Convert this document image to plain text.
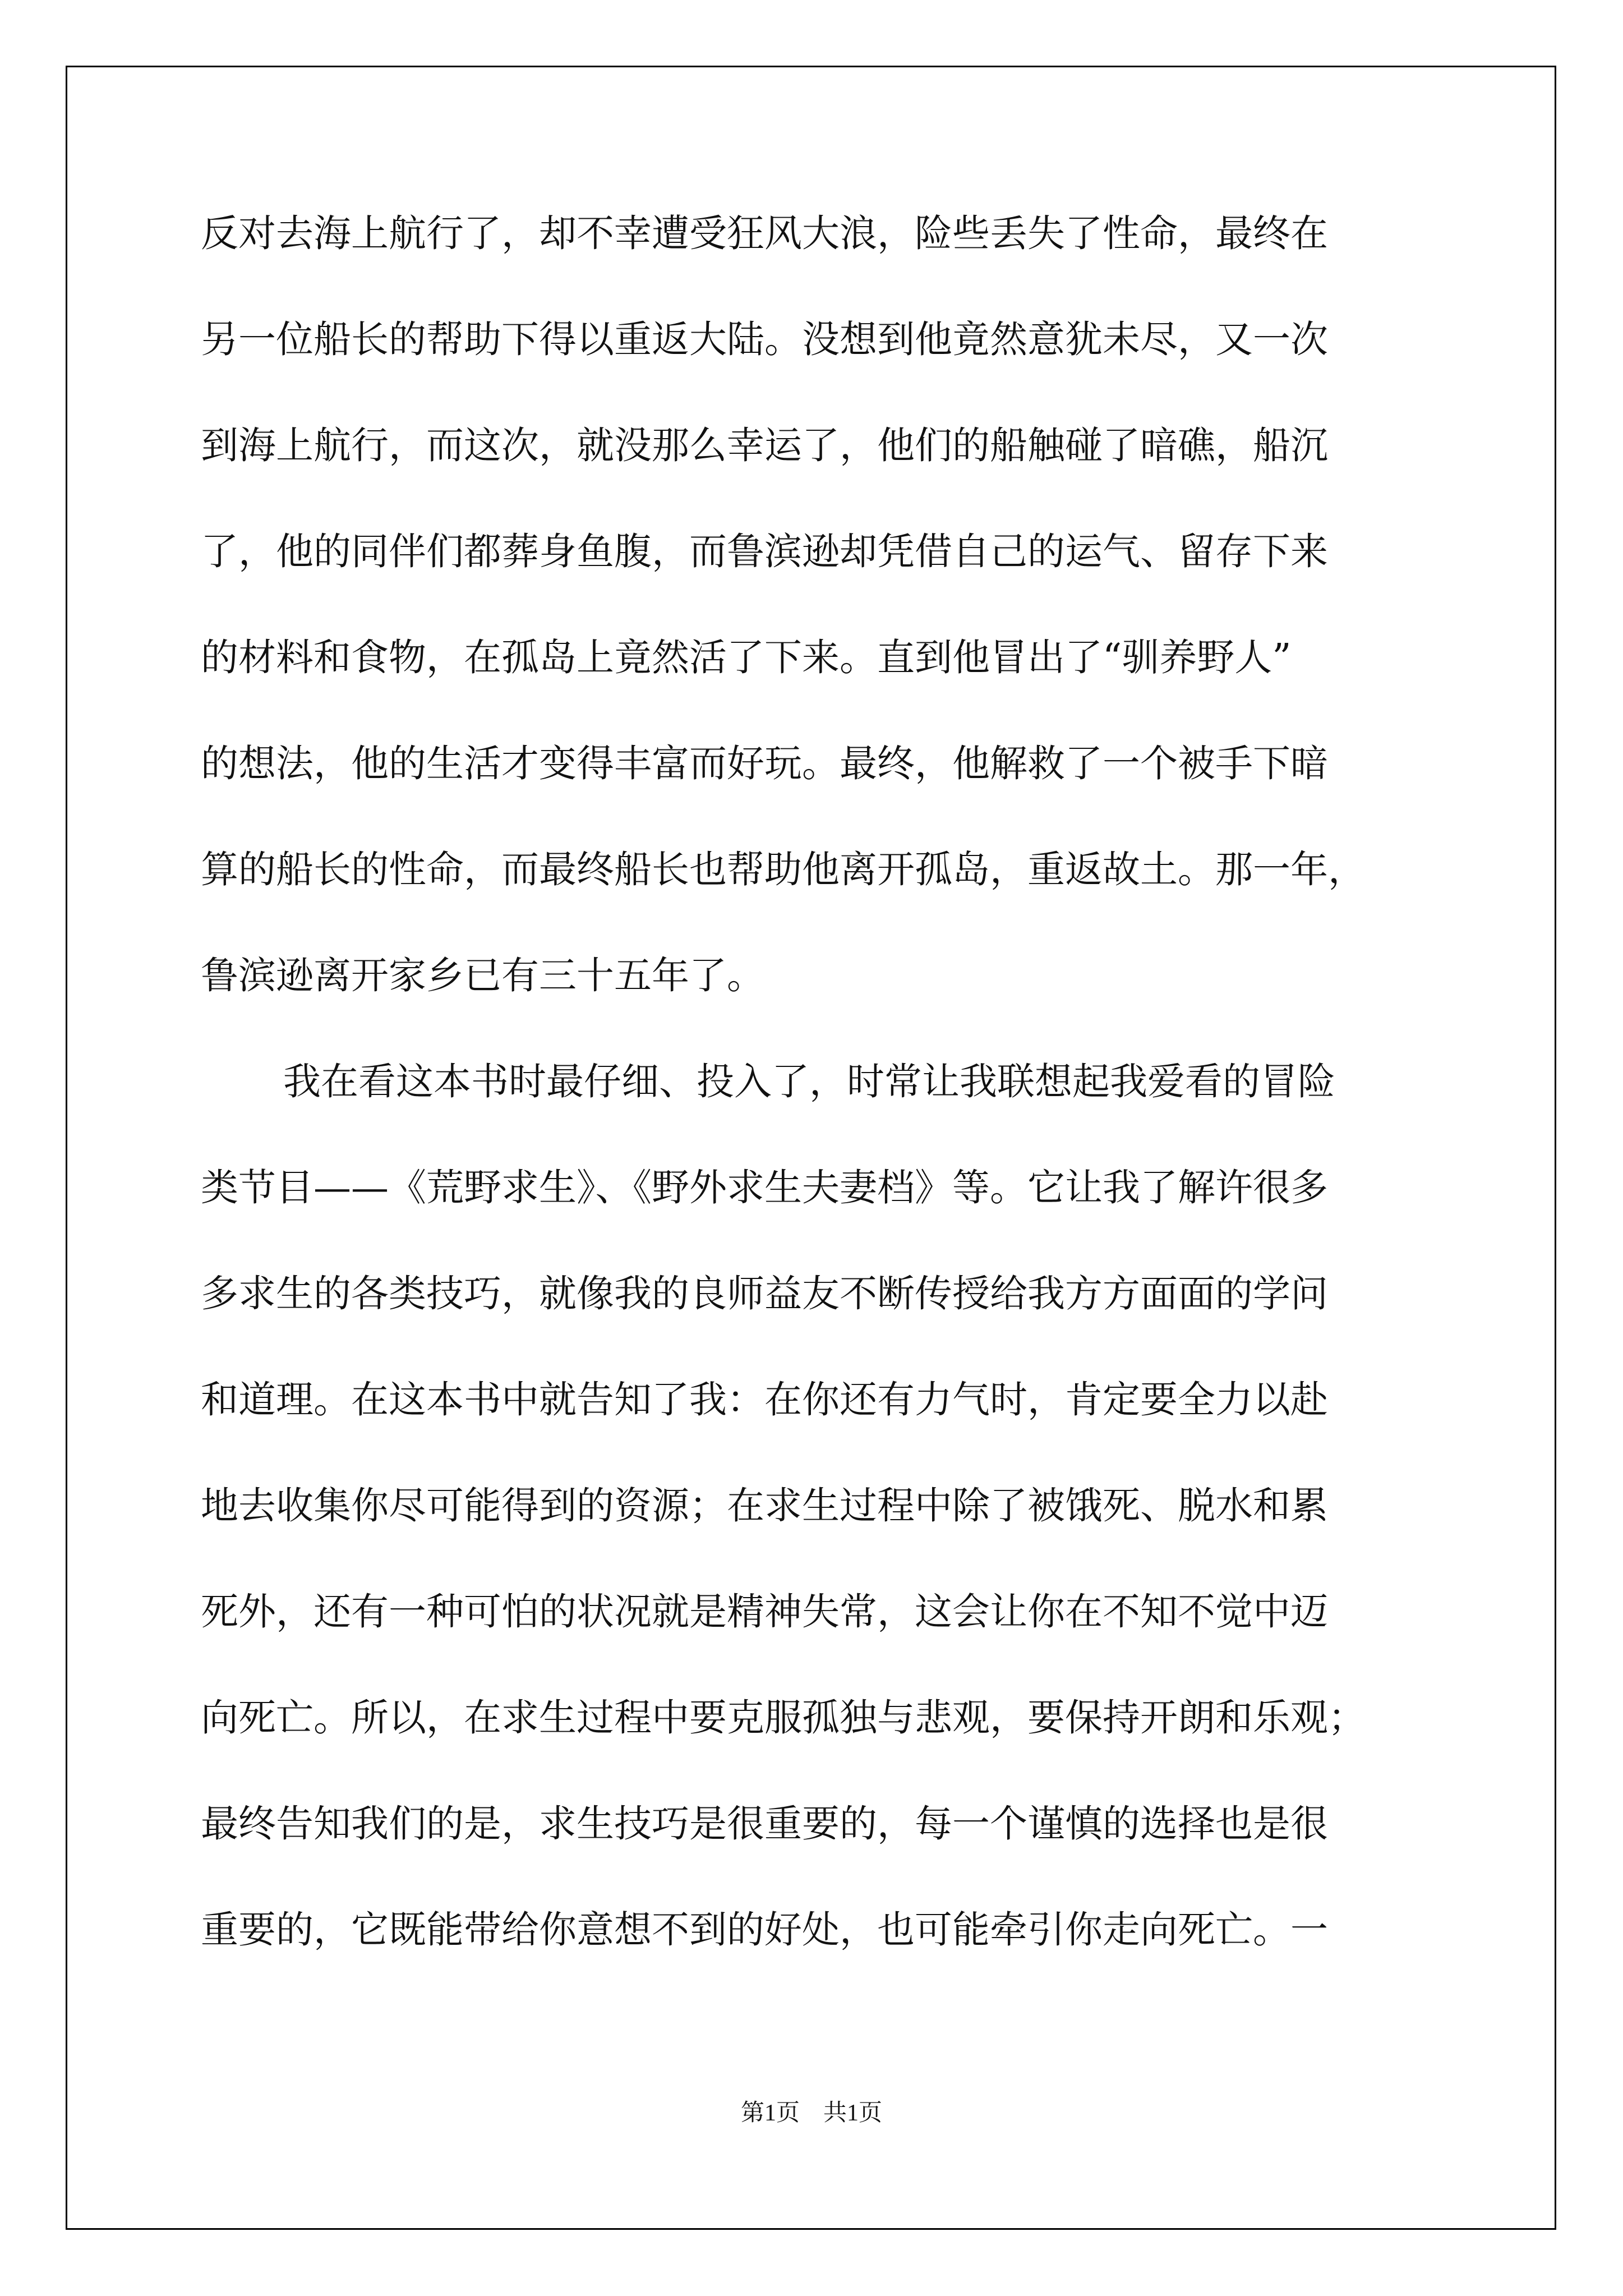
反对去海上航行了，却不幸遭受狂风大浪，险些丢失了性命，最终在
另一位船长的帮助下得以重返大陆。没想到他竟然意犹未尽，又一次
到海上航行，而这次，就没那么幸运了，他们的船触碰了暗礁，船沉
了，他的同伴们都葬身鱼腹，而鲁滨逊却凭借自己的运气、留存下来
的材料和食物，在孤岛上竟然活了下来。直到他冒出了“驯养野人”
的想法，他的生活才变得丰富而好玩。最终，他解救了一个被手下暗
算的船长的性命，而最终船长也帮助他离开孤岛，重返故土。那一年，
鲁滨逊离开家乡已有三十五年了。
我在看这本书时最仔细、投入了，时常让我联想起我爱看的冒险
类节目——《荒野求生》、《野外求生夫妻档》等。它让我了解许很多
多求生的各类技巧，就像我的良师益友不断传授给我方方面面的学问
和道理。在这本书中就告知了我：在你还有力气时，肯定要全力以赴
地去收集你尽可能得到的资源；在求生过程中除了被饿死、脱水和累
死外，还有一种可怕的状况就是精神失常，这会让你在不知不觉中迈
向死亡。所以，在求生过程中要克服孤独与悲观，要保持开朗和乐观；
最终告知我们的是，求生技巧是很重要的，每一个谨慎的选择也是很
重要的，它既能带给你意想不到的好处，也可能牵引你走向死亡。一
第1页　共1页
